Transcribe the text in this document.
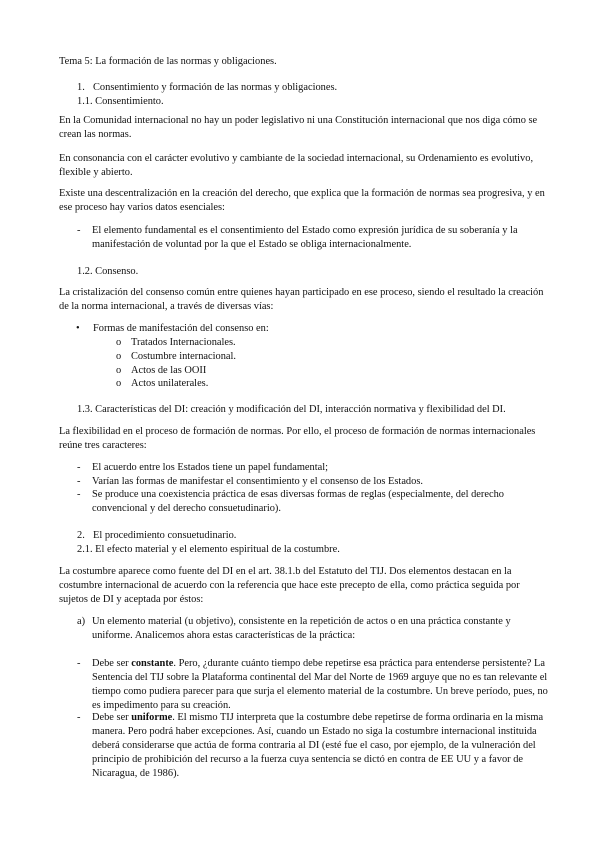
Tema 5: La formación de las normas y obligaciones.

1. Consentimiento y formación de las normas y obligaciones.

1.1. Consentimiento.

En la Comunidad internacional no hay un poder legislativo ni una Constitución internacional que nos diga cómo se crean las normas.

En consonancia con el carácter evolutivo y cambiante de la sociedad internacional, su Ordenamiento es evolutivo, flexible y abierto.

Existe una descentralización en la creación del derecho, que explica que la formación de normas sea progresiva, y en ese proceso hay varios datos esenciales:

- El elemento fundamental es el consentimiento del Estado como expresión jurídica de su soberanía y la manifestación de voluntad por la que el Estado se obliga internacionalmente.

1.2. Consenso.

La cristalización del consenso común entre quienes hayan participado en ese proceso, siendo el resultado la creación de la norma internacional, a través de diversas vías:

• Formas de manifestación del consenso en:

o Tratados Internacionales.
o Costumbre internacional.
o Actos de las OOII
o Actos unilaterales.

1.3. Características del DI: creación y modificación del DI, interacción normativa y flexibilidad del DI.

La flexibilidad en el proceso de formación de normas. Por ello, el proceso de formación de normas internacionales reúne tres caracteres:

- El acuerdo entre los Estados tiene un papel fundamental;

- Varían las formas de manifestar el consentimiento y el consenso de los Estados.

- Se produce una coexistencia práctica de esas diversas formas de reglas (especialmente, del derecho convencional y del derecho consuetudinario).

2. El procedimiento consuetudinario.

2.1. El efecto material y el elemento espiritual de la costumbre.

La costumbre aparece como fuente del DI en el art. 38.1.b del Estatuto del TIJ. Dos elementos destacan en la costumbre internacional de acuerdo con la referencia que hace este precepto de ella, como práctica seguida por sujetos de DI y aceptada por éstos:

a) Un elemento material (u objetivo), consistente en la repetición de actos o en una práctica constante y uniforme. Analicemos ahora estas características de la práctica:

- Debe ser constante. Pero, ¿durante cuánto tiempo debe repetirse esa práctica para entenderse persistente? La Sentencia del TIJ sobre la Plataforma continental del Mar del Norte de 1969 arguye que no es tan relevante el tiempo como pudiera parecer para que surja el elemento material de la costumbre. Un breve período, pues, no es impedimento para su creación.

- Debe ser uniforme. El mismo TIJ interpreta que la costumbre debe repetirse de forma ordinaria en la misma manera. Pero podrá haber excepciones. Así, cuando un Estado no siga la costumbre internacional instituida deberá considerarse que actúa de forma contraria al DI (esté fue el caso, por ejemplo, de la vulneración del principio de prohibición del recurso a la fuerza cuya sentencia se dictó en contra de EE UU y a favor de Nicaragua, de 1986).
